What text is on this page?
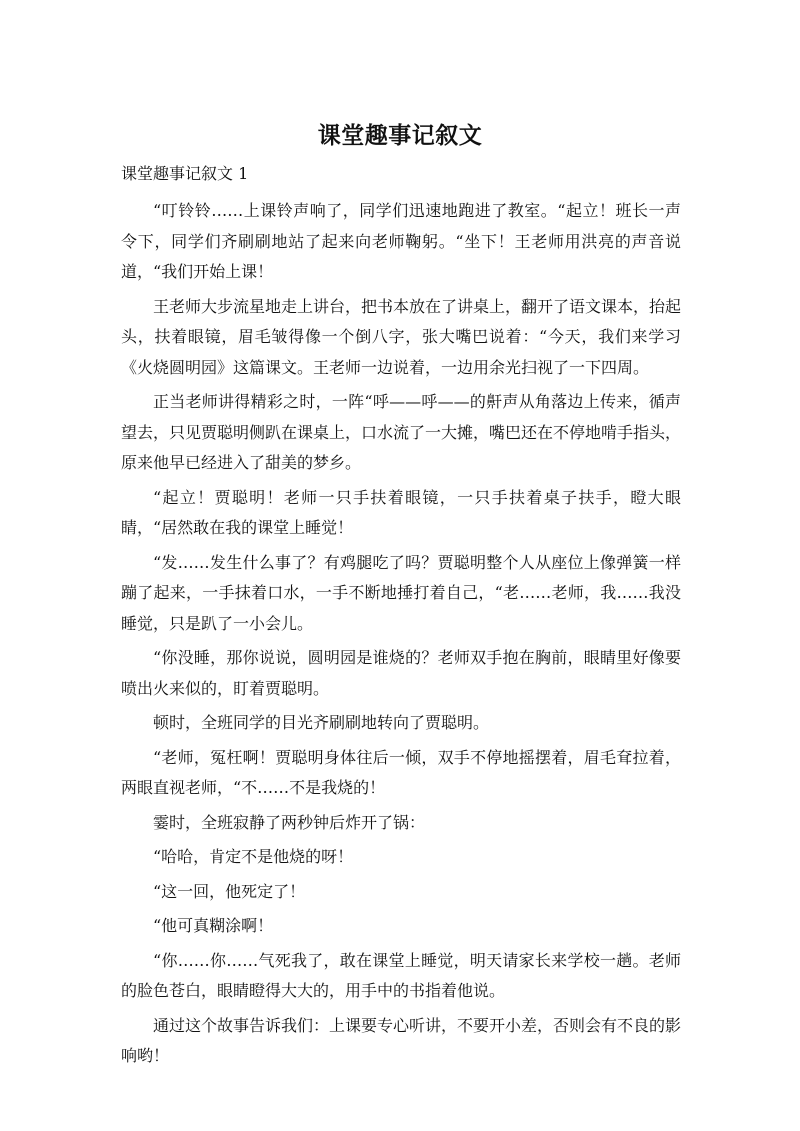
课堂趣事记叙文

课堂趣事记叙文 1

“叮铃铃……上课铃声响了，同学们迅速地跑进了教室。“起立！班长一声令下，同学们齐刷刷地站了起来向老师鞠躬。“坐下！王老师用洪亮的声音说道，“我们开始上课！

王老师大步流星地走上讲台，把书本放在了讲桌上，翻开了语文课本，抬起头，扶着眼镜，眉毛皱得像一个倒八字，张大嘴巴说着：“今天，我们来学习《火烧圆明园》这篇课文。王老师一边说着，一边用余光扫视了一下四周。

正当老师讲得精彩之时，一阵“呼——呼——的鼾声从角落边上传来，循声望去，只见贾聪明侧趴在课桌上，口水流了一大摊，嘴巴还在不停地啃手指头，原来他早已经进入了甜美的梦乡。

“起立！贾聪明！老师一只手扶着眼镜，一只手扶着桌子扶手，瞪大眼睛，“居然敢在我的课堂上睡觉！

“发……发生什么事了？有鸡腿吃了吗？贾聪明整个人从座位上像弹簧一样蹦了起来，一手抹着口水，一手不断地捶打着自己，“老……老师，我……我没睡觉，只是趴了一小会儿。

“你没睡，那你说说，圆明园是谁烧的？老师双手抱在胸前，眼睛里好像要喷出火来似的，盯着贾聪明。

顿时，全班同学的目光齐刷刷地转向了贾聪明。

“老师，冤枉啊！贾聪明身体往后一倾，双手不停地摇摆着，眉毛耷拉着，两眼直视老师，“不……不是我烧的！

霎时，全班寂静了两秒钟后炸开了锅：

“哈哈，肯定不是他烧的呀！

“这一回，他死定了！

“他可真糊涂啊！

“你……你……气死我了，敢在课堂上睡觉，明天请家长来学校一趟。老师的脸色苍白，眼睛瞪得大大的，用手中的书指着他说。

通过这个故事告诉我们：上课要专心听讲，不要开小差，否则会有不良的影响哟！
